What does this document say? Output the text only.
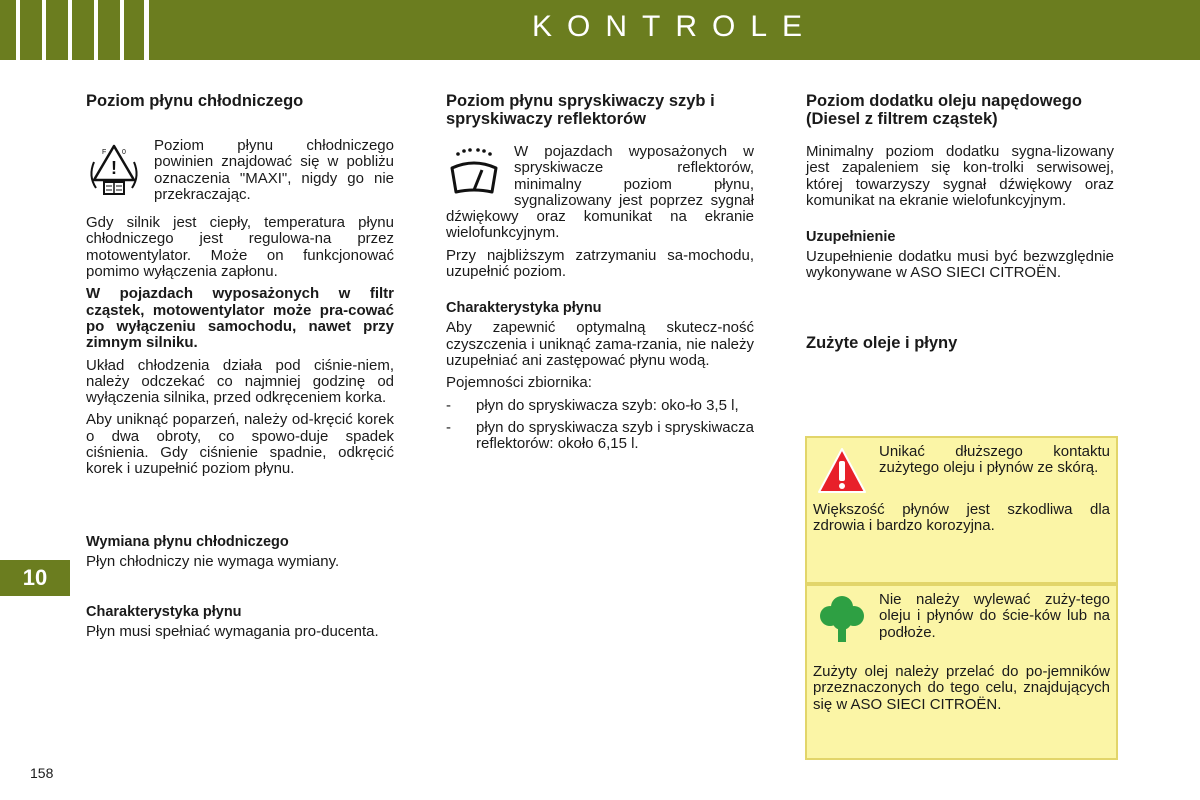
KONTROLE
10
158
Poziom płynu chłodniczego
!
F 0	Poziom płynu chłodniczego powinien znajdować się w pobliżu oznaczenia "MAXI", nigdy go nie przekraczając.

Gdy silnik jest ciepły, temperatura płynu chłodniczego jest regulowa-na przez motowentylator. Może on funkcjonować pomimo wyłączenia zapłonu.

W pojazdach wyposażonych w filtr cząstek, motowentylator może pra-cować po wyłączeniu samochodu, nawet przy zimnym silniku.

Układ chłodzenia działa pod ciśnie-niem, należy odczekać co najmniej godzinę od wyłączenia silnika, przed odkręceniem korka.

Aby uniknąć poparzeń, należy od-kręcić korek o dwa obroty, co spowo-duje spadek ciśnienia. Gdy ciśnienie spadnie, odkręcić korek i uzupełnić poziom płynu.

Wymiana płynu chłodniczego

Płyn chłodniczy nie wymaga wymiany.

Charakterystyka płynu

Płyn musi spełniać wymagania pro-ducenta.

Poziom płynu spryskiwaczy szyb i spryskiwaczy reflektorów

W pojazdach wyposażonych w spryskiwacze reflektorów, minimalny poziom płynu, sygnalizowany jest poprzez sygnał dźwiękowy oraz komunikat na ekranie wielofunkcyjnym.

Przy najbliższym zatrzymaniu sa-mochodu, uzupełnić poziom.

Charakterystyka płynu

Aby zapewnić optymalną skutecz-ność czyszczenia i uniknąć zama-rzania, nie należy uzupełniać ani zastępować płynu wodą.

Pojemności zbiornika:

- płyn do spryskiwacza szyb: oko-ło 3,5 l,
- płyn do spryskiwacza szyb i spryskiwacza reflektorów: około 6,15 l.
Poziom dodatku oleju napędowego (Diesel z filtrem cząstek)

Minimalny poziom dodatku sygna-lizowany jest zapaleniem się kon-trolki serwisowej, której towarzyszy sygnał dźwiękowy oraz komunikat na ekranie wielofunkcyjnym.

Uzupełnienie

Uzupełnienie dodatku musi być bezwzględnie wykonywane w ASO SIECI CITROËN.

Zużyte oleje i płyny

Unikać dłuższego kontaktu zużytego oleju i płynów ze skórą.

Większość płynów jest szkodliwa dla zdrowia i bardzo korozyjna.

Nie należy wylewać zuży-tego oleju i płynów do ście-ków lub na podłoże.

Zużyty olej należy przelać do po-jemników przeznaczonych do tego celu, znajdujących się w ASO SIECI CITROËN.
